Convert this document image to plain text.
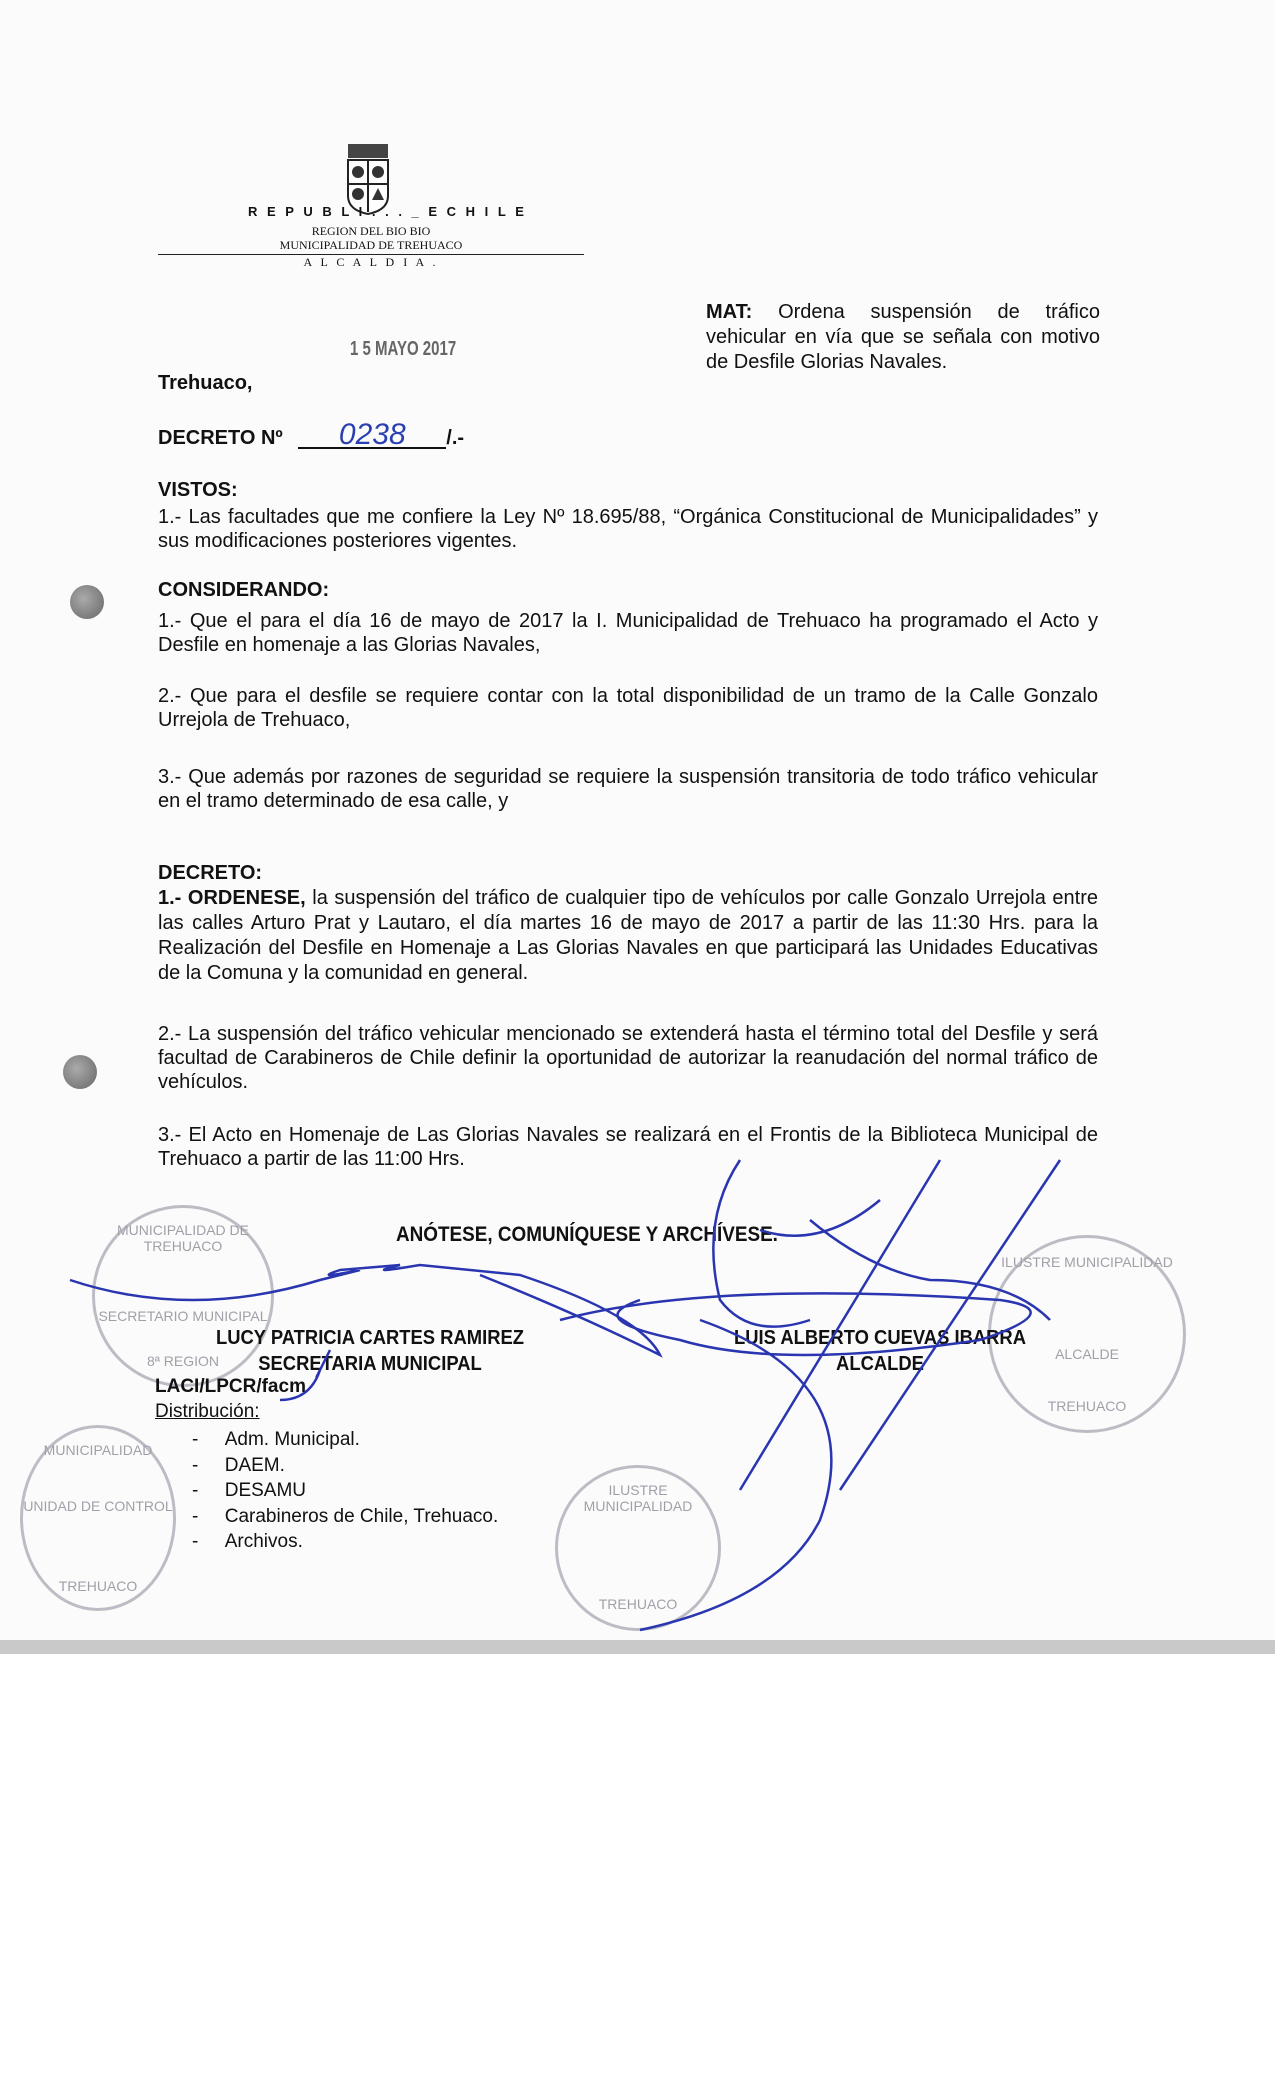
R E P U B L I . . . _ E C H I L E
REGION DEL BIO BIO
MUNICIPALIDAD DE TREHUACO
A L C A L D I A .
MAT: Ordena suspensión de tráfico vehicular en vía que se señala con motivo de Desfile Glorias Navales.
1 5 MAYO 2017
Trehuaco,
DECRETO Nº 0238 /.-
VISTOS:
1.- Las facultades que me confiere la Ley Nº 18.695/88, “Orgánica Constitucional de Municipalidades” y sus modificaciones posteriores vigentes.
CONSIDERANDO:
1.- Que el para el día 16 de mayo de 2017 la I. Municipalidad de Trehuaco ha programado el Acto y Desfile en homenaje a las Glorias Navales,
2.- Que para el desfile se requiere contar con la total disponibilidad de un tramo de la Calle Gonzalo Urrejola de Trehuaco,
3.- Que además por razones de seguridad se requiere la suspensión transitoria de todo tráfico vehicular en el tramo determinado de esa calle, y
DECRETO:
1.- ORDENESE, la suspensión del tráfico de cualquier tipo de vehículos por calle Gonzalo Urrejola entre las calles Arturo Prat y Lautaro, el día martes 16 de mayo de 2017 a partir de las 11:30 Hrs. para la Realización del Desfile en Homenaje a Las Glorias Navales en que participará las Unidades Educativas de la Comuna y la comunidad en general.
2.- La suspensión del tráfico vehicular mencionado se extenderá hasta el término total del Desfile y será facultad de Carabineros de Chile definir la oportunidad de autorizar la reanudación del normal tráfico de vehículos.
3.- El Acto en Homenaje de Las Glorias Navales se realizará en el Frontis de la Biblioteca Municipal de Trehuaco a partir de las 11:00 Hrs.
ANÓTESE, COMUNÍQUESE Y ARCHÍVESE.
MUNICIPALIDAD DE TREHUACO
SECRETARIO MUNICIPAL
8ª REGION
ILUSTRE MUNICIPALIDAD
ALCALDE
TREHUACO
MUNICIPALIDAD
UNIDAD DE CONTROL
TREHUACO
ILUSTRE MUNICIPALIDAD
TREHUACO
LUCY PATRICIA CARTES RAMIREZ
SECRETARIA MUNICIPAL
LUIS ALBERTO CUEVAS IBARRA
ALCALDE
LACI/LPCR/facm
Distribución:
-     Adm. Municipal.
-     DAEM.
-     DESAMU
-     Carabineros de Chile, Trehuaco.
-     Archivos.
